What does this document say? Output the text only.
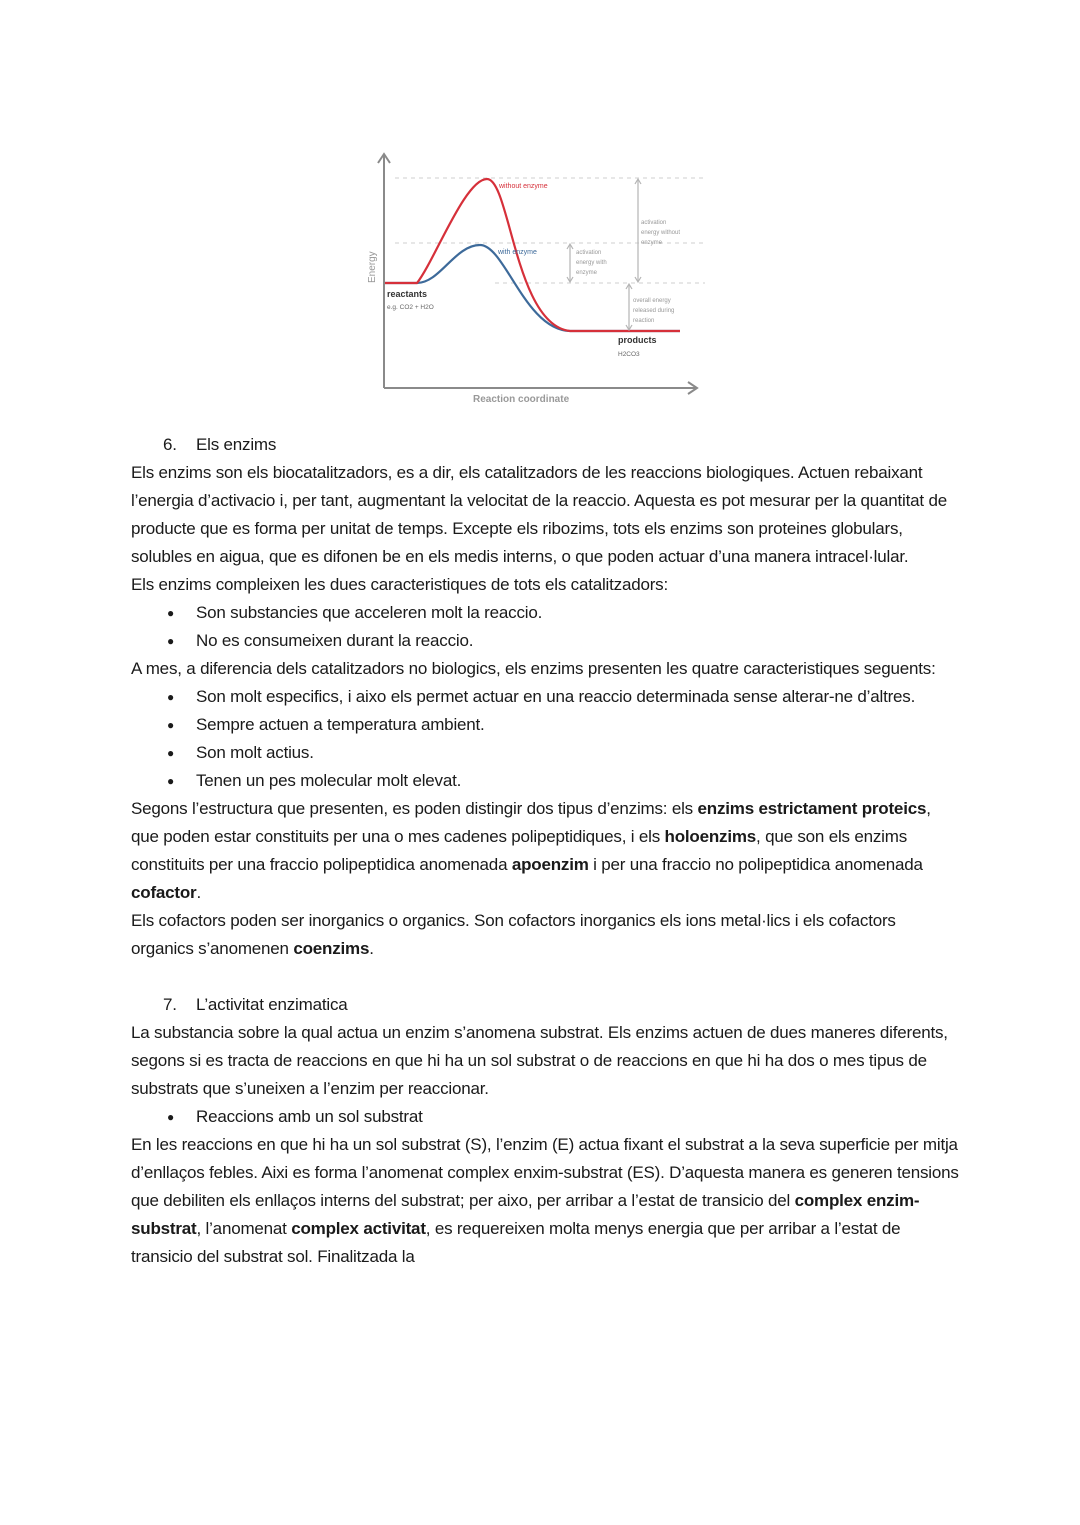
without enzyme
with enzyme	activation
energy with
enzyme
activation
energy without
enzyme
overall energy
released during
reaction
reactants
e.g. CO2 + H2O
products
H2CO3
Energy
Reaction coordinate

6. Els enzims

Els enzims son els biocatalitzadors, es a dir, els catalitzadors de les reaccions biologiques. Actuen rebaixant l’energia d’activacio i, per tant, augmentant la velocitat de la reaccio. Aquesta es pot mesurar per la quantitat de producte que es forma per unitat de temps. Excepte els ribozims, tots els enzims son proteines globulars, solubles en aigua, que es difonen be en els medis interns, o que poden actuar d’una manera intracel·lular.

Els enzims compleixen les dues caracteristiques de tots els catalitzadors:

● Son substancies que acceleren molt la reaccio.
● No es consumeixen durant la reaccio.

A mes, a diferencia dels catalitzadors no biologics, els enzims presenten les quatre caracteristiques seguents:

● Son molt especifics, i aixo els permet actuar en una reaccio determinada sense alterar-ne d’altres.
● Sempre actuen a temperatura ambient.
● Son molt actius.
● Tenen un pes molecular molt elevat.

Segons l’estructura que presenten, es poden distingir dos tipus d’enzims: els enzims estrictament proteics, que poden estar constituits per una o mes cadenes polipeptidiques, i els holoenzims, que son els enzims constituits per una fraccio polipeptidica anomenada apoenzim i per una fraccio no polipeptidica anomenada cofactor.

Els cofactors poden ser inorganics o organics. Son cofactors inorganics els ions metal·lics i els cofactors organics s’anomenen coenzims.

7. L’activitat enzimatica

La substancia sobre la qual actua un enzim s’anomena substrat. Els enzims actuen de dues maneres diferents, segons si es tracta de reaccions en que hi ha un sol substrat o de reaccions en que hi ha dos o mes tipus de substrats que s’uneixen a l’enzim per reaccionar.

● Reaccions amb un sol substrat

En les reaccions en que hi ha un sol substrat (S), l’enzim (E) actua fixant el substrat a la seva superficie per mitja d’enllaços febles. Aixi es forma l’anomenat complex enxim-substrat (ES). D’aquesta manera es generen tensions que debiliten els enllaços interns del substrat; per aixo, per arribar a l’estat de transicio del complex enzim-substrat, l’anomenat complex activitat, es requereixen molta menys energia que per arribar a l’estat de transicio del substrat sol. Finalitzada la
